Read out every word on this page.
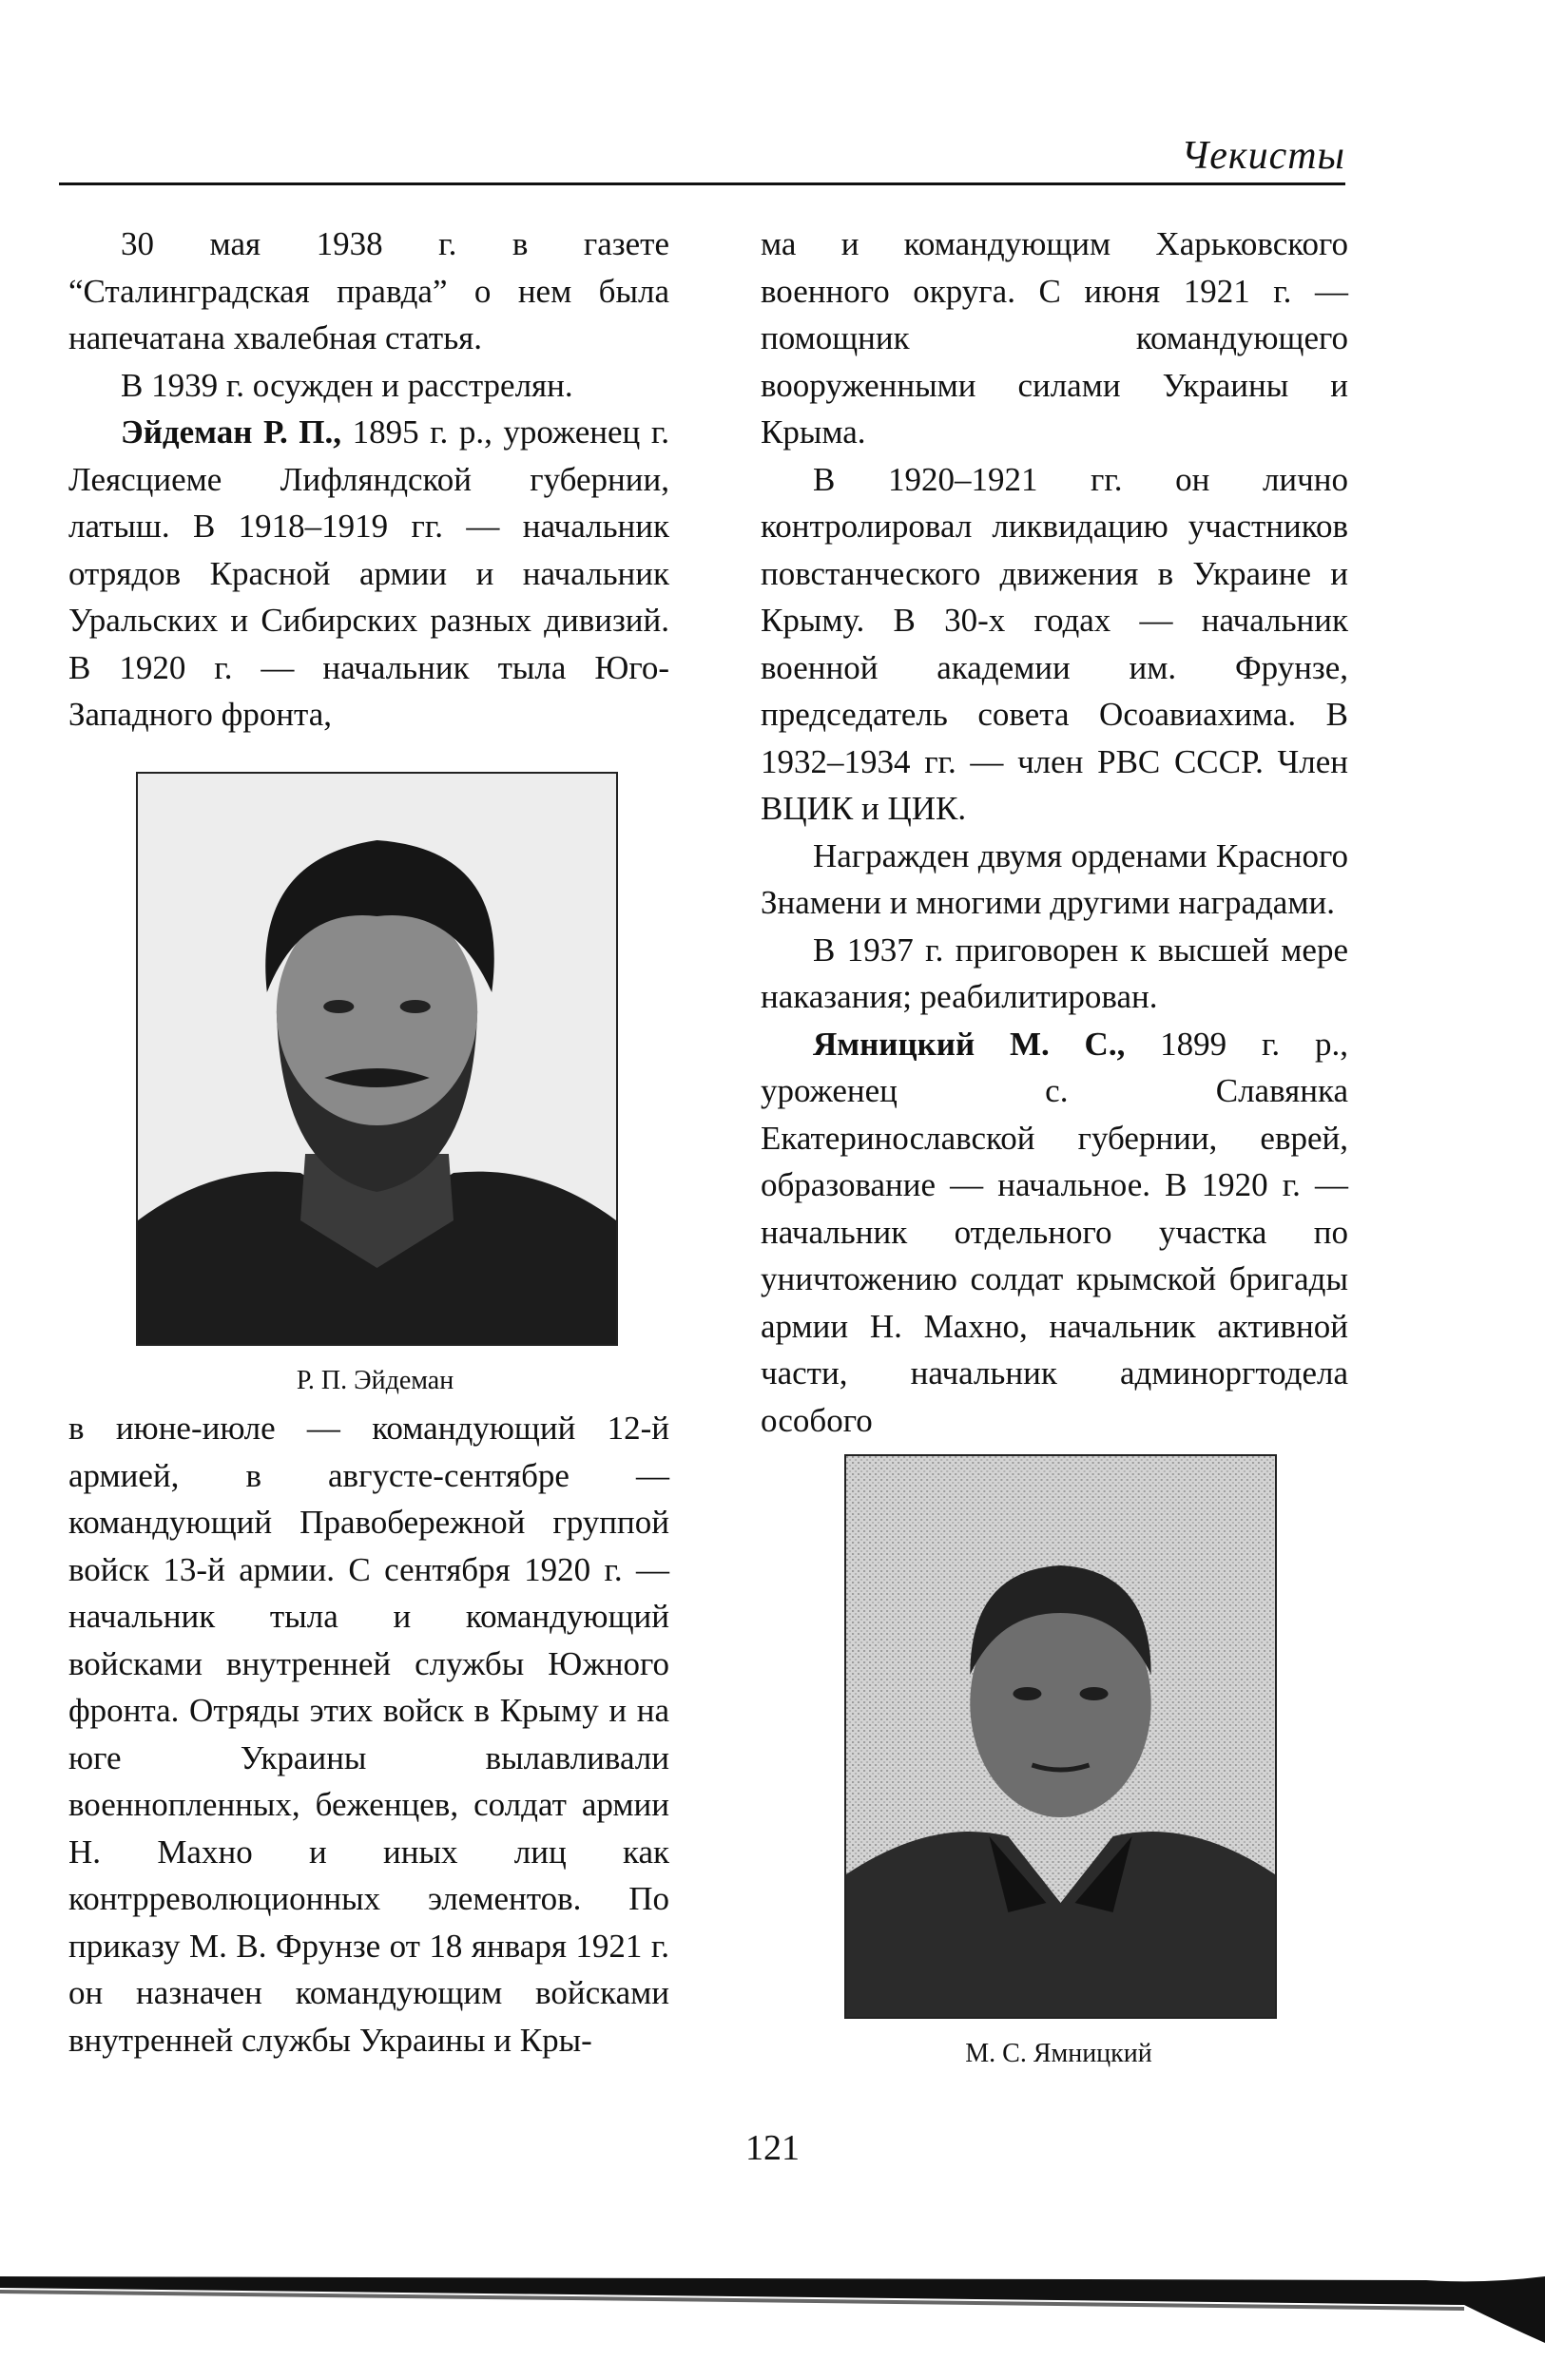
Чекисты

30 мая 1938 г. в газете “Сталинградская правда” о нем была напечатана хвалебная статья.

В 1939 г. осужден и расстрелян.

Эйдеман Р. П., 1895 г. р., уроженец г. Леясциеме Лифляндской губернии, латыш. В 1918–1919 гг. — начальник отрядов Красной армии и начальник Уральских и Сибирских разных дивизий. В 1920 г. — начальник тыла Юго-Западного фронта,

Р. П. Эйдеман

в июне-июле — командующий 12-й армией, в августе-сентябре — командующий Правобережной группой войск 13-й армии. С сентября 1920 г. — начальник тыла и командующий войсками внутренней службы Южного фронта. Отряды этих войск в Крыму и на юге Украины вылавливали военнопленных, беженцев, солдат армии Н. Махно и иных лиц как контрреволюционных элементов. По приказу М. В. Фрунзе от 18 января 1921 г. он назначен командующим войсками внутренней службы Украины и Кры-

ма и командующим Харьковского военного округа. С июня 1921 г. — помощник командующего вооруженными силами Украины и Крыма.

В 1920–1921 гг. он лично контролировал ликвидацию участников повстанческого движения в Украине и Крыму. В 30-х годах — начальник военной академии им. Фрунзе, председатель совета Осоавиахима. В 1932–1934 гг. — член РВС СССР. Член ВЦИК и ЦИК.

Награжден двумя орденами Красного Знамени и многими другими наградами.

В 1937 г. приговорен к высшей мере наказания; реабилитирован.

Ямницкий М. С., 1899 г. р., уроженец с. Славянка Екатеринославской губернии, еврей, образование — начальное. В 1920 г. — начальник отдельного участка по уничтожению солдат крымской бригады армии Н. Махно, начальник активной части, начальник админоргтодела особого

М. С. Ямницкий
121
